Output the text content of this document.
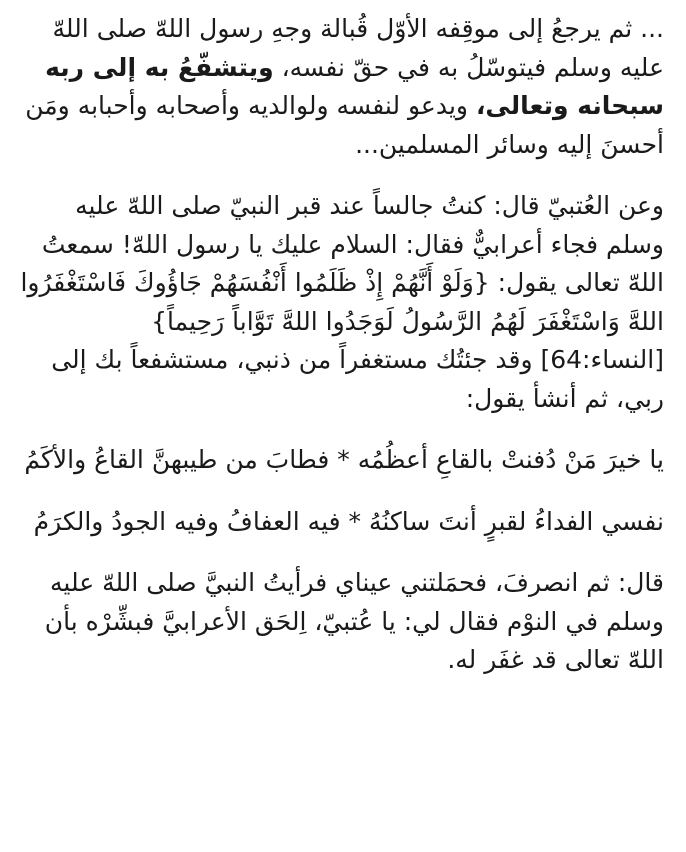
... ثم يرجعُ إلى موقِفه الأوّل قُبالة وجهِ رسول اللهّ صلى اللهّ عليه وسلم فيتوسّلُ به في حقّ نفسه، ويتشفّعُ به إلى ربه سبحانه وتعالى، ويدعو لنفسه ولوالديه وأصحابه وأحبابه ومَن أحسنَ إليه وسائر المسلمين...

وعن العُتبيّ قال: كنتُ جالساً عند قبر النبيّ صلى اللهّ عليه وسلم فجاء أعرابيٌّ فقال: السلام عليك يا رسول اللهّ! سمعتُ اللهّ تعالى يقول: {وَلَوْ أَنَّهُمْ إِذْ ظَلَمُوا أَنْفُسَهُمْ جَاؤُوكَ فَاسْتَغْفَرُوا اللهَّ وَاسْتَغْفَرَ لَهُمُ الرَّسُولُ لَوَجَدُوا اللهَّ تَوَّاباً رَحِيماً} [النساء:64] وقد جئتُك مستغفراً من ذنبي، مستشفعاً بك إلى ربي، ثم أنشأ يقول:

يا خيرَ مَنْ دُفنتْ بالقاعِ أعظُمُه * فطابَ من طيبهنَّ القاعُ والأكَمُ

نفسي الفداءُ لقبرٍ أنتَ ساكنُهُ * فيه العفافُ وفيه الجودُ والكرَمُ

قال: ثم انصرفَ، فحمَلتني عيناي فرأيتُ النبيَّ صلى اللهّ عليه وسلم في النوْم فقال لي: يا عُتبيّ، اِلحَق الأعرابيَّ فبشِّرْه بأن اللهّ تعالى قد غفَر له.
